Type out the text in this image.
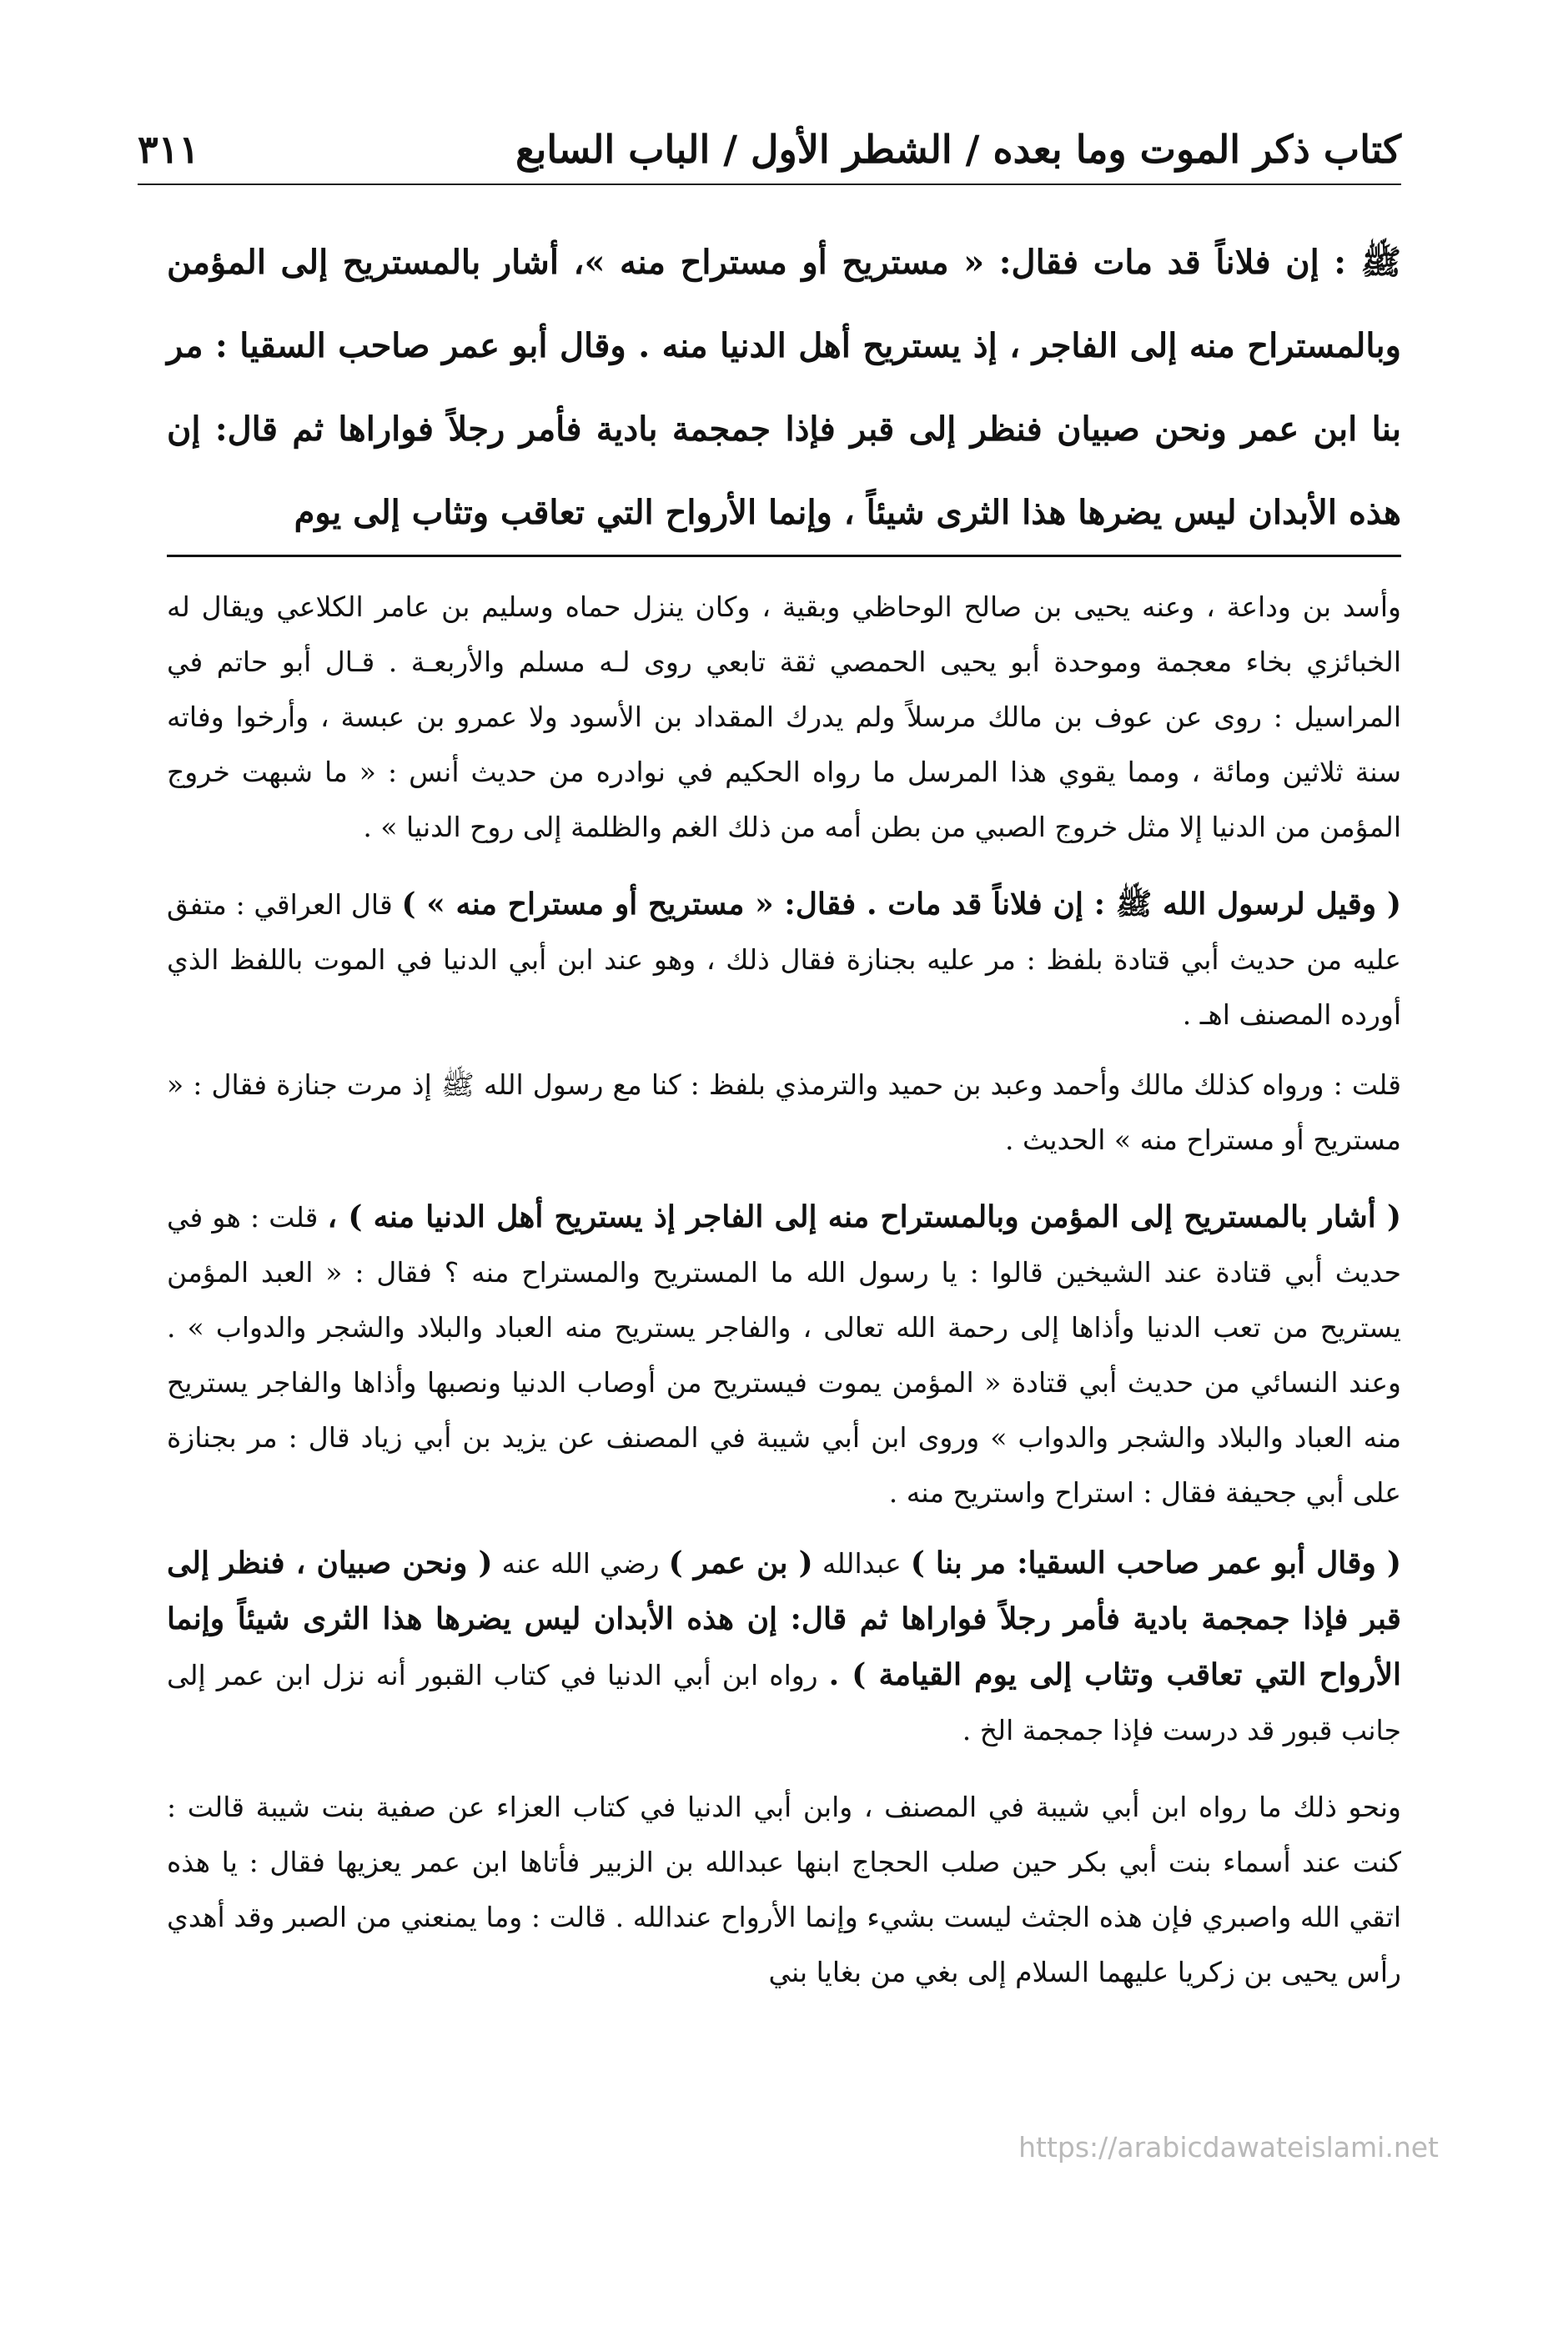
كتاب ذكر الموت وما بعده / الشطر الأول / الباب السابع
٣١١
ﷺ : إن فلاناً قد مات فقال: « مستريح أو مستراح منه »، أشار بالمستريح إلى المؤمن وبالمستراح منه إلى الفاجر ، إذ يستريح أهل الدنيا منه . وقال أبو عمر صاحب السقيا : مر بنا ابن عمر ونحن صبيان فنظر إلى قبر فإذا جمجمة بادية فأمر رجلاً فواراها ثم قال: إن هذه الأبدان ليس يضرها هذا الثرى شيئاً ، وإنما الأرواح التي تعاقب وتثاب إلى يوم

وأسد بن وداعة ، وعنه يحيى بن صالح الوحاظي وبقية ، وكان ينزل حماه وسليم بن عامر الكلاعي ويقال له الخبائزي بخاء معجمة وموحدة أبو يحيى الحمصي ثقة تابعي روى لـه مسلم والأربعـة . قـال أبو حاتم في المراسيل : روى عن عوف بن مالك مرسلاً ولم يدرك المقداد بن الأسود ولا عمرو بن عبسة ، وأرخوا وفاته سنة ثلاثين ومائة ، ومما يقوي هذا المرسل ما رواه الحكيم في نوادره من حديث أنس : « ما شبهت خروج المؤمن من الدنيا إلا مثل خروج الصبي من بطن أمه من ذلك الغم والظلمة إلى روح الدنيا » .

( وقيل لرسول الله ﷺ : إن فلاناً قد مات . فقال: « مستريح أو مستراح منه » ) قال العراقي : متفق عليه من حديث أبي قتادة بلفظ : مر عليه بجنازة فقال ذلك ، وهو عند ابن أبي الدنيا في الموت باللفظ الذي أورده المصنف اهـ .

قلت : ورواه كذلك مالك وأحمد وعبد بن حميد والترمذي بلفظ : كنا مع رسول الله ﷺ إذ مرت جنازة فقال : « مستريح أو مستراح منه » الحديث .

( أشار بالمستريح إلى المؤمن وبالمستراح منه إلى الفاجر إذ يستريح أهل الدنيا منه ) ، قلت : هو في حديث أبي قتادة عند الشيخين قالوا : يا رسول الله ما المستريح والمستراح منه ؟ فقال : « العبد المؤمن يستريح من تعب الدنيا وأذاها إلى رحمة الله تعالى ، والفاجر يستريح منه العباد والبلاد والشجر والدواب » . وعند النسائي من حديث أبي قتادة « المؤمن يموت فيستريح من أوصاب الدنيا ونصبها وأذاها والفاجر يستريح منه العباد والبلاد والشجر والدواب » وروى ابن أبي شيبة في المصنف عن يزيد بن أبي زياد قال : مر بجنازة على أبي جحيفة فقال : استراح واستريح منه .

( وقال أبو عمر صاحب السقيا: مر بنا ) عبدالله ( بن عمر ) رضي الله عنه ( ونحن صبيان ، فنظر إلى قبر فإذا جمجمة بادية فأمر رجلاً فواراها ثم قال: إن هذه الأبدان ليس يضرها هذا الثرى شيئاً وإنما الأرواح التي تعاقب وتثاب إلى يوم القيامة ) . رواه ابن أبي الدنيا في كتاب القبور أنه نزل ابن عمر إلى جانب قبور قد درست فإذا جمجمة الخ .

ونحو ذلك ما رواه ابن أبي شيبة في المصنف ، وابن أبي الدنيا في كتاب العزاء عن صفية بنت شيبة قالت : كنت عند أسماء بنت أبي بكر حين صلب الحجاج ابنها عبدالله بن الزبير فأتاها ابن عمر يعزيها فقال : يا هذه اتقي الله واصبري فإن هذه الجثث ليست بشيء وإنما الأرواح عندالله . قالت : وما يمنعني من الصبر وقد أهدي رأس يحيى بن زكريا عليهما السلام إلى بغي من بغايا بني

https://arabicdawateislami.net
